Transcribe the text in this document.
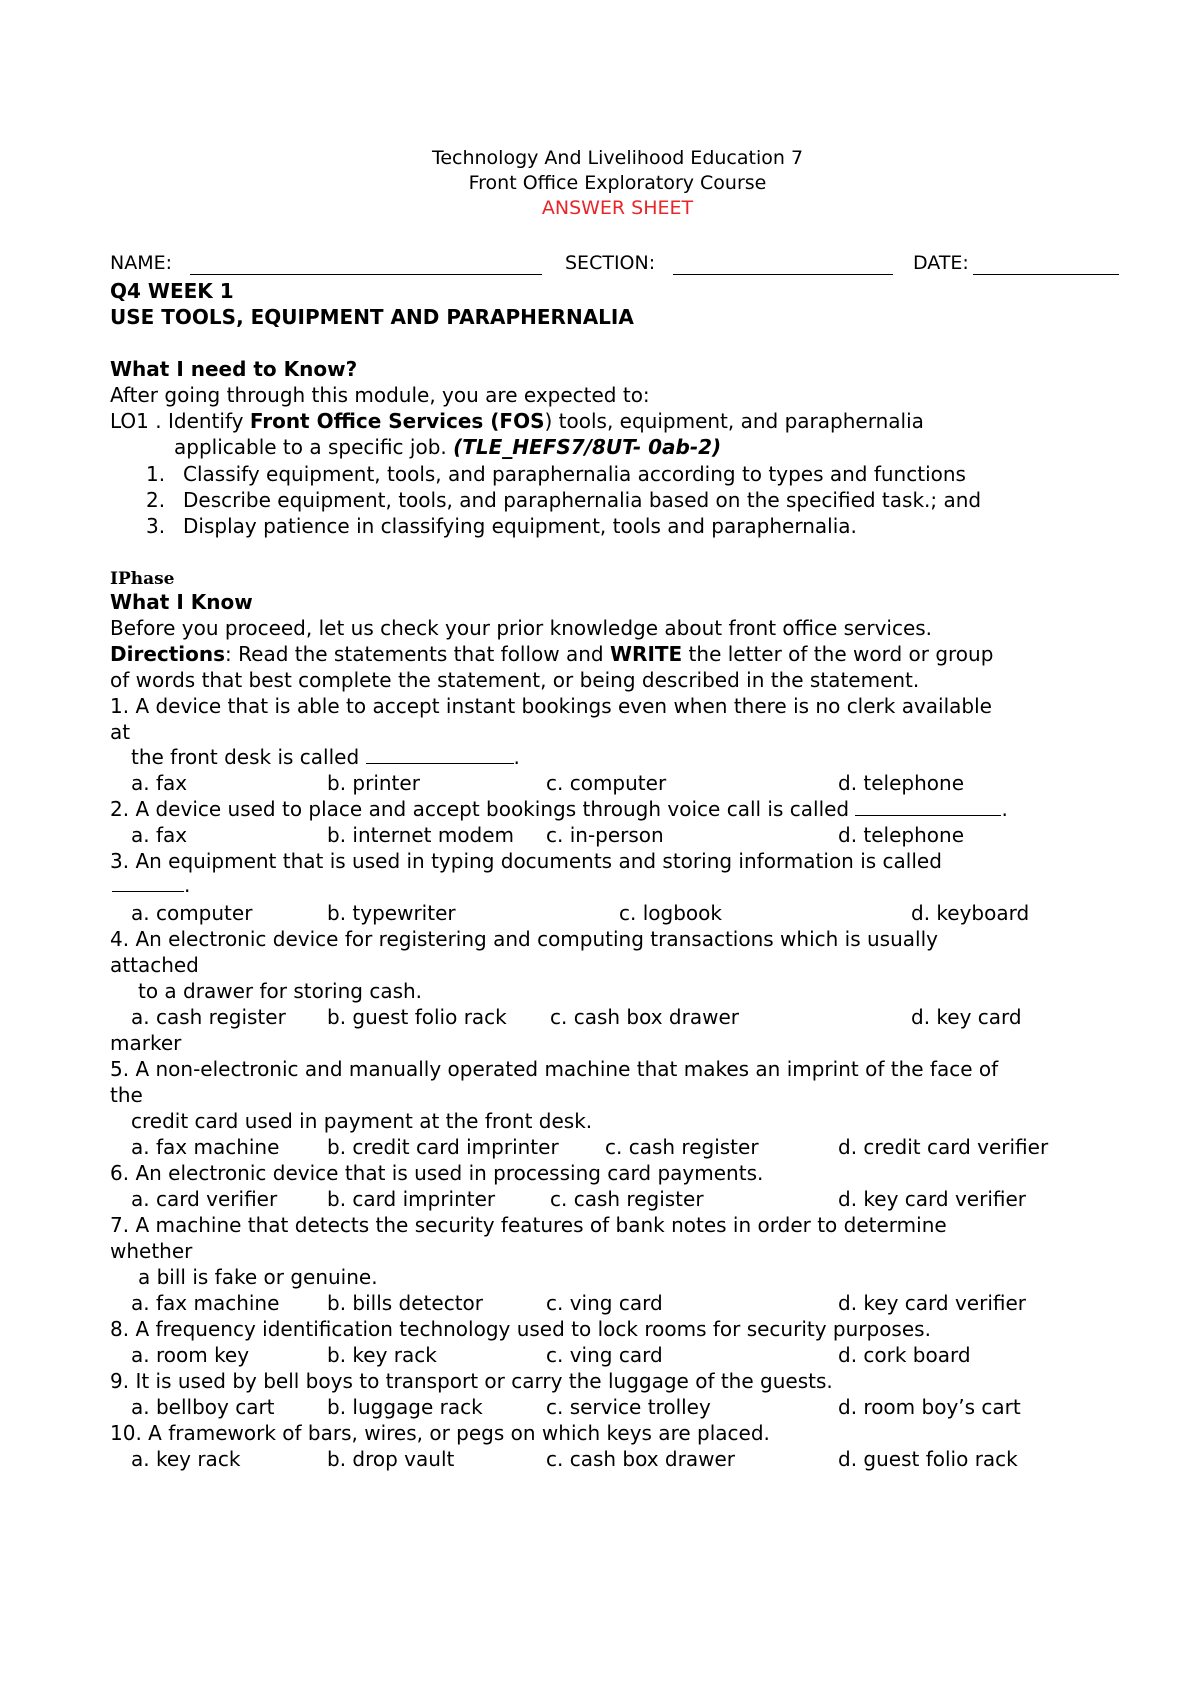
Technology And Livelihood Education 7
Front Office Exploratory Course
ANSWER SHEET
NAME:	SECTION:	DATE:
Q4 WEEK 1
USE TOOLS, EQUIPMENT AND PARAPHERNALIA
What I need to Know?
After going through this module, you are expected to:
LO1 . Identify Front Office Services (FOS) tools, equipment, and paraphernalia
applicable to a specific job. (TLE_HEFS7/8UT- 0ab-2)
1. Classify equipment, tools, and paraphernalia according to types and functions
2. Describe equipment, tools, and paraphernalia based on the specified task.; and
3. Display patience in classifying equipment, tools and paraphernalia.
IPhase
What I Know
Before you proceed, let us check your prior knowledge about front office services.
Directions: Read the statements that follow and WRITE the letter of the word or group
of words that best complete the statement, or being described in the statement.
1. A device that is able to accept instant bookings even when there is no clerk available
at
the front desk is called	.
a. fax	b. printer	c. computer	d. telephone
2. A device used to place and accept bookings through voice call is called	.
a. fax	b. internet modem c. in-person	d. telephone
3. An equipment that is used in typing documents and storing information is called
.
a. computer	b. typewriter	c. logbook	d. keyboard
4. An electronic device for registering and computing transactions which is usually
attached
to a drawer for storing cash.
a. cash register b. guest folio rack c. cash box drawer	d. key card
marker
5. A non-electronic and manually operated machine that makes an imprint of the face of
the
credit card used in payment at the front desk.
a. fax machine b. credit card imprinter c. cash register	d. credit card verifier
6. An electronic device that is used in processing card payments.
a. card verifier b. card imprinter	c. cash register	d. key card verifier
7. A machine that detects the security features of bank notes in order to determine
whether
a bill is fake or genuine.
a. fax machine b. bills detector	c. ving card	d. key card verifier
8. A frequency identification technology used to lock rooms for security purposes.
a. room key	b. key rack	c. ving card	d. cork board
9. It is used by bell boys to transport or carry the luggage of the guests.
a. bellboy cart	b. luggage rack	c. service trolley	d. room boy’s cart
10. A framework of bars, wires, or pegs on which keys are placed.
a. key rack	b. drop vault	c. cash box drawer	d. guest folio rack
